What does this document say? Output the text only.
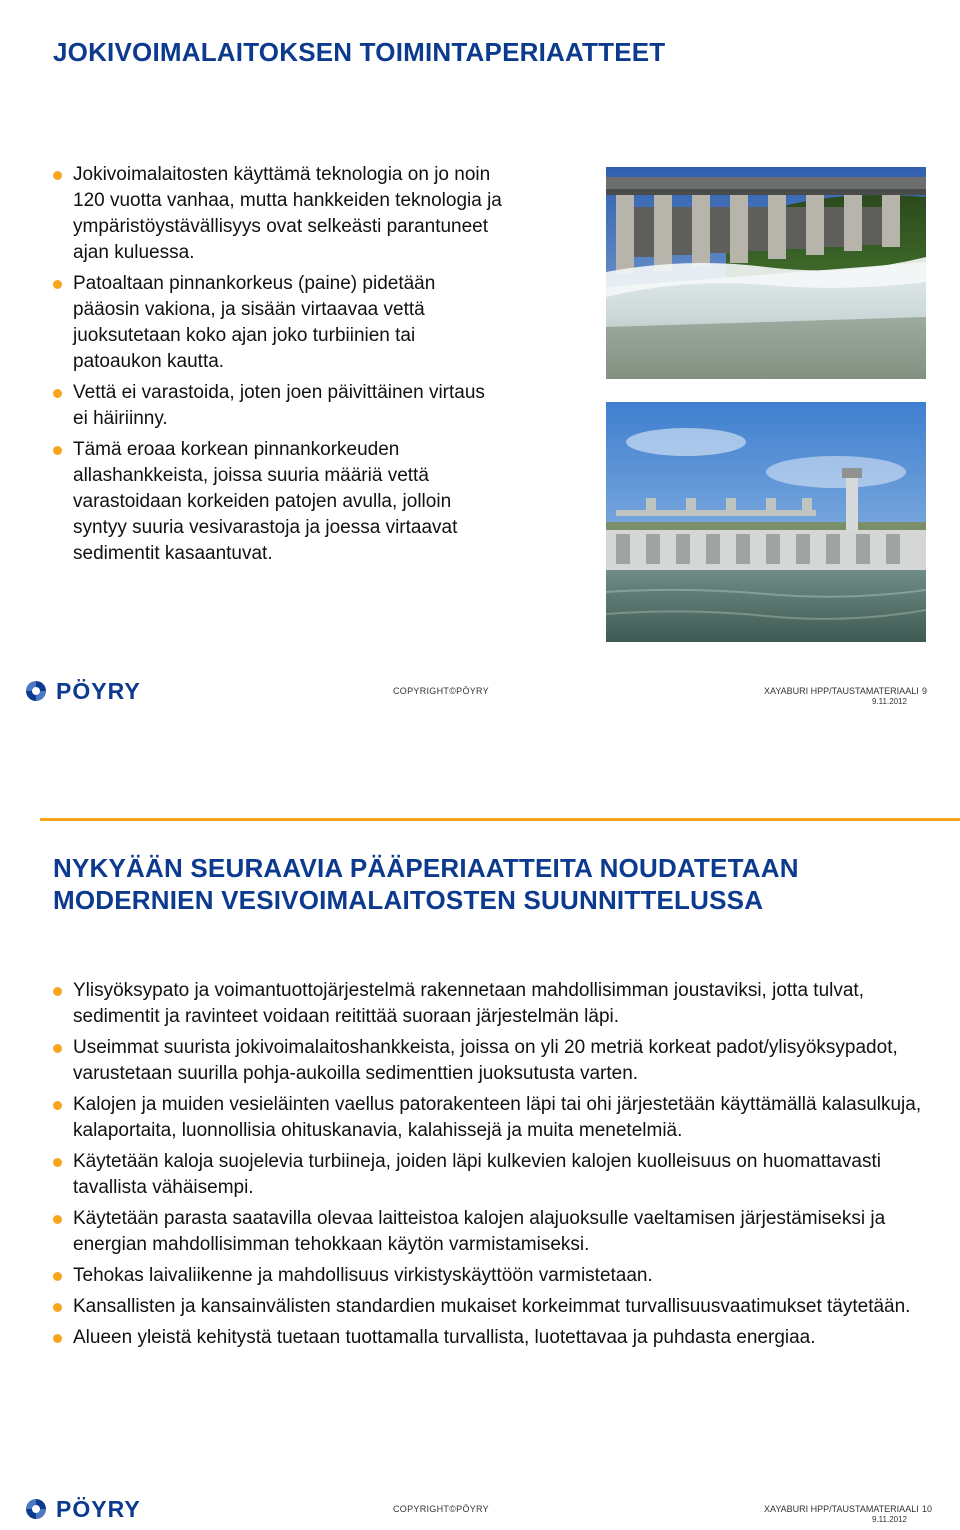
JOKIVOIMALAITOKSEN TOIMINTAPERIAATTEET
Jokivoimalaitosten käyttämä teknologia on jo noin 120 vuotta vanhaa, mutta hankkeiden teknologia ja ympäristöystävällisyys ovat selkeästi parantuneet ajan kuluessa.
Patoaltaan pinnankorkeus (paine) pidetään pääosin vakiona, ja sisään virtaavaa vettä juoksutetaan koko ajan joko turbiinien tai patoaukon kautta.
Vettä ei varastoida, joten joen päivittäinen virtaus ei häiriinny.
Tämä eroaa korkean pinnankorkeuden allashankkeista, joissa suuria määriä vettä varastoidaan korkeiden patojen avulla, jolloin syntyy suuria vesivarastoja ja joessa virtaavat sedimentit kasaantuvat.
PÖYRY	COPYRIGHT©PÖYRY	XAYABURI HPP/TAUSTAMATERIAALI
9.11.2012
9
NYKYÄÄN SEURAAVIA PÄÄPERIAATTEITA NOUDATETAAN MODERNIEN VESIVOIMALAITOSTEN SUUNNITTELUSSA
Ylisyöksypato ja voimantuottojärjestelmä rakennetaan mahdollisimman joustaviksi, jotta tulvat, sedimentit ja ravinteet voidaan reitittää suoraan järjestelmän läpi.
Useimmat suurista jokivoimalaitoshankkeista, joissa on yli 20 metriä korkeat padot/ylisyöksypadot, varustetaan suurilla pohja-aukoilla sedimenttien juoksutusta varten.
Kalojen ja muiden vesieläinten vaellus patorakenteen läpi tai ohi järjestetään käyttämällä kalasulkuja, kalaportaita, luonnollisia ohituskanavia, kalahissejä ja muita menetelmiä.
Käytetään kaloja suojelevia turbiineja, joiden läpi kulkevien kalojen kuolleisuus on huomattavasti tavallista vähäisempi.
Käytetään parasta saatavilla olevaa laitteistoa kalojen alajuoksulle vaeltamisen järjestämiseksi ja energian mahdollisimman tehokkaan käytön varmistamiseksi.
Tehokas laivaliikenne ja mahdollisuus virkistyskäyttöön varmistetaan.
Kansallisten ja kansainvälisten standardien mukaiset korkeimmat turvallisuusvaatimukset täytetään.
Alueen yleistä kehitystä tuetaan tuottamalla turvallista, luotettavaa ja puhdasta energiaa.
PÖYRY	COPYRIGHT©PÖYRY	XAYABURI HPP/TAUSTAMATERIAALI
9.11.2012
10
